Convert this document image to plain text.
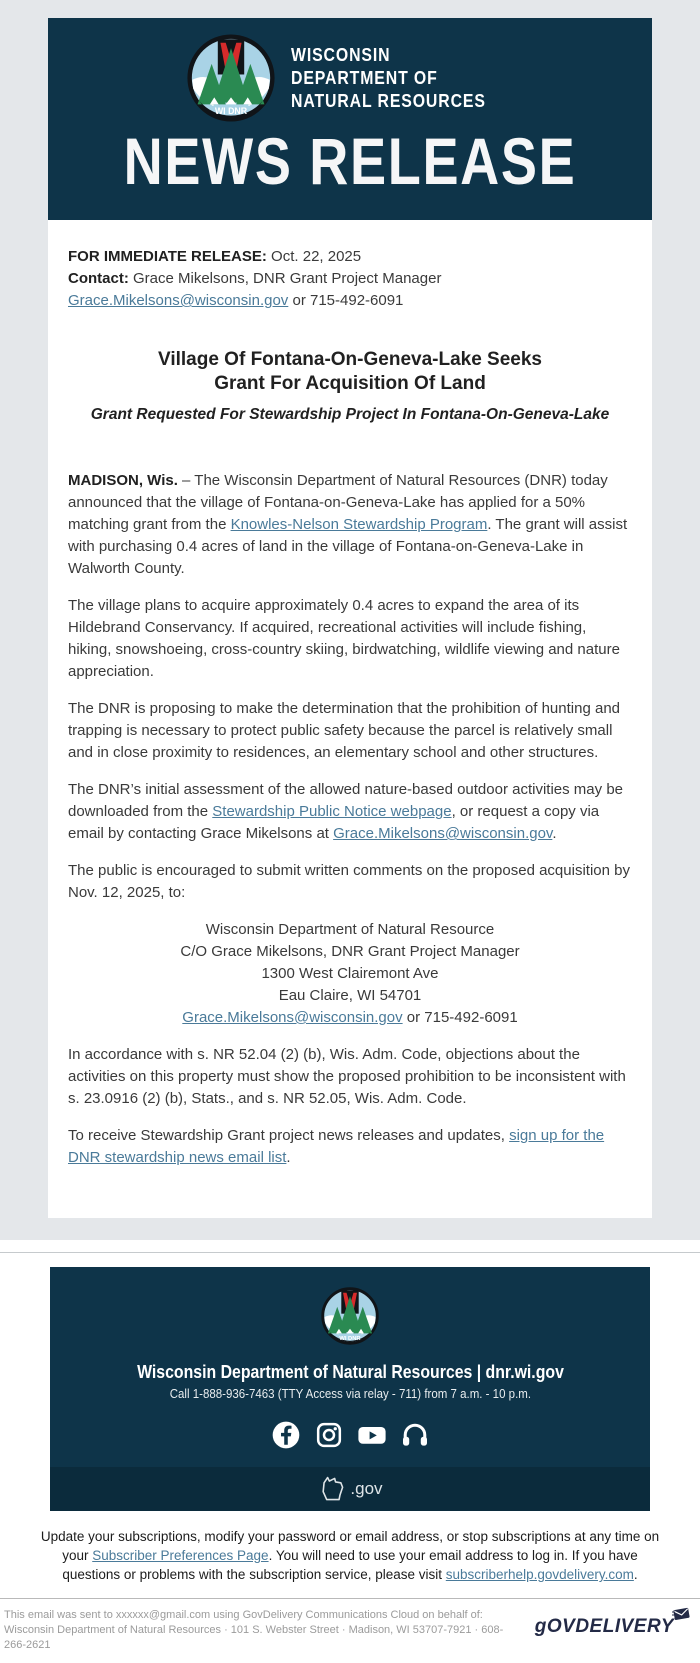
WI DNR
WISCONSIN
DEPARTMENT OF
NATURAL RESOURCES
NEWS RELEASE

FOR IMMEDIATE RELEASE: Oct. 22, 2025

Contact: Grace Mikelsons, DNR Grant Project Manager

Grace.Mikelsons@wisconsin.gov or 715-492-6091

Village Of Fontana-On-Geneva-Lake Seeks
Grant For Acquisition Of Land

Grant Requested For Stewardship Project In Fontana-On-Geneva-Lake

MADISON, Wis. – The Wisconsin Department of Natural Resources (DNR) today announced that the village of Fontana-on-Geneva-Lake has applied for a 50% matching grant from the Knowles-Nelson Stewardship Program. The grant will assist with purchasing 0.4 acres of land in the village of Fontana-on-Geneva-Lake in Walworth County.

The village plans to acquire approximately 0.4 acres to expand the area of its Hildebrand Conservancy. If acquired, recreational activities will include fishing, hiking, snowshoeing, cross-country skiing, birdwatching, wildlife viewing and nature appreciation.

The DNR is proposing to make the determination that the prohibition of hunting and trapping is necessary to protect public safety because the parcel is relatively small and in close proximity to residences, an elementary school and other structures.

The DNR’s initial assessment of the allowed nature-based outdoor activities may be downloaded from the Stewardship Public Notice webpage, or request a copy via email by contacting Grace Mikelsons at Grace.Mikelsons@wisconsin.gov.

The public is encouraged to submit written comments on the proposed acquisition by Nov. 12, 2025, to:

Wisconsin Department of Natural Resource
C/O Grace Mikelsons, DNR Grant Project Manager
1300 West Clairemont Ave
Eau Claire, WI 54701
Grace.Mikelsons@wisconsin.gov or 715-492-6091

In accordance with s. NR 52.04 (2) (b), Wis. Adm. Code, objections about the activities on this property must show the proposed prohibition to be inconsistent with s. 23.0916 (2) (b), Stats., and s. NR 52.05, Wis. Adm. Code.

To receive Stewardship Grant project news releases and updates, sign up for the DNR stewardship news email list.

WI DNR
Wisconsin Department of Natural Resources | dnr.wi.gov
Call 1-888-936-7463 (TTY Access via relay - 711) from 7 a.m. - 10 p.m.
.gov
Update your subscriptions, modify your password or email address, or stop subscriptions at any time on your Subscriber Preferences Page. You will need to use your email address to log in. If you have questions or problems with the subscription service, please visit subscriberhelp.govdelivery.com.
This email was sent to xxxxxx@gmail.com using GovDelivery Communications Cloud on behalf of: Wisconsin Department of Natural Resources · 101 S. Webster Street · Madison, WI 53707-7921 · 608-266-2621
gOVDELIVERY
